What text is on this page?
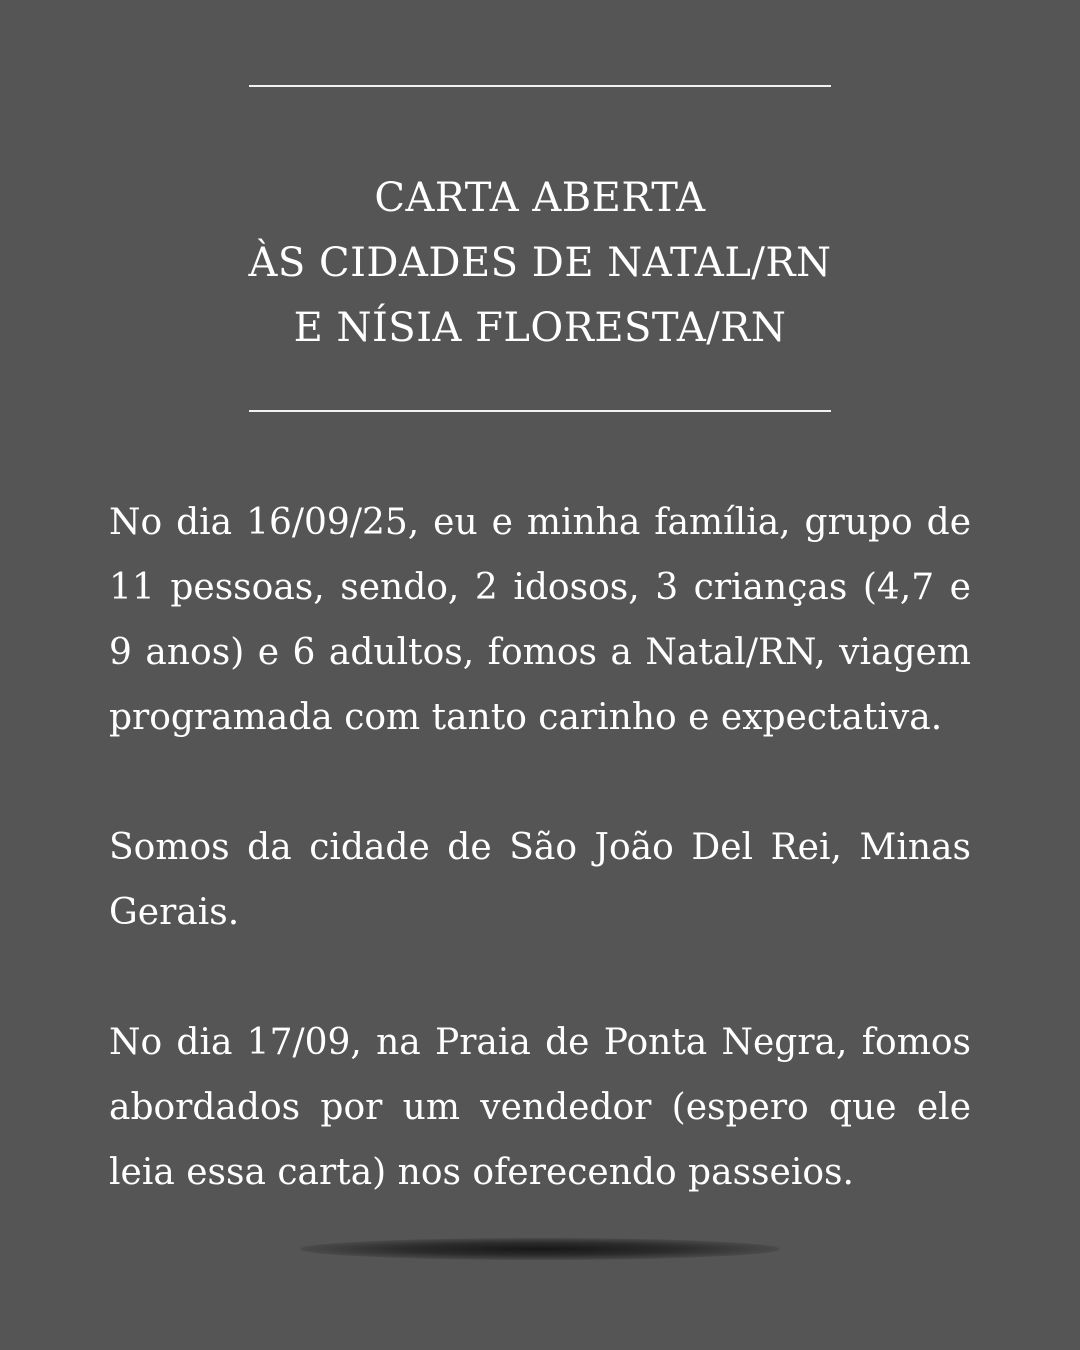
CARTA ABERTA
ÀS CIDADES DE NATAL/RN
E NÍSIA FLORESTA/RN

No dia 16/09/25, eu e minha família, grupo de 11 pessoas, sendo, 2 idosos, 3 crianças (4,7 e 9 anos) e 6 adultos, fomos a Natal/RN, viagem programada com tanto carinho e expectativa.

Somos da cidade de São João Del Rei, Minas Gerais.

No dia 17/09, na Praia de Ponta Negra, fomos abordados por um vendedor (espero que ele leia essa carta) nos oferecendo passeios.
